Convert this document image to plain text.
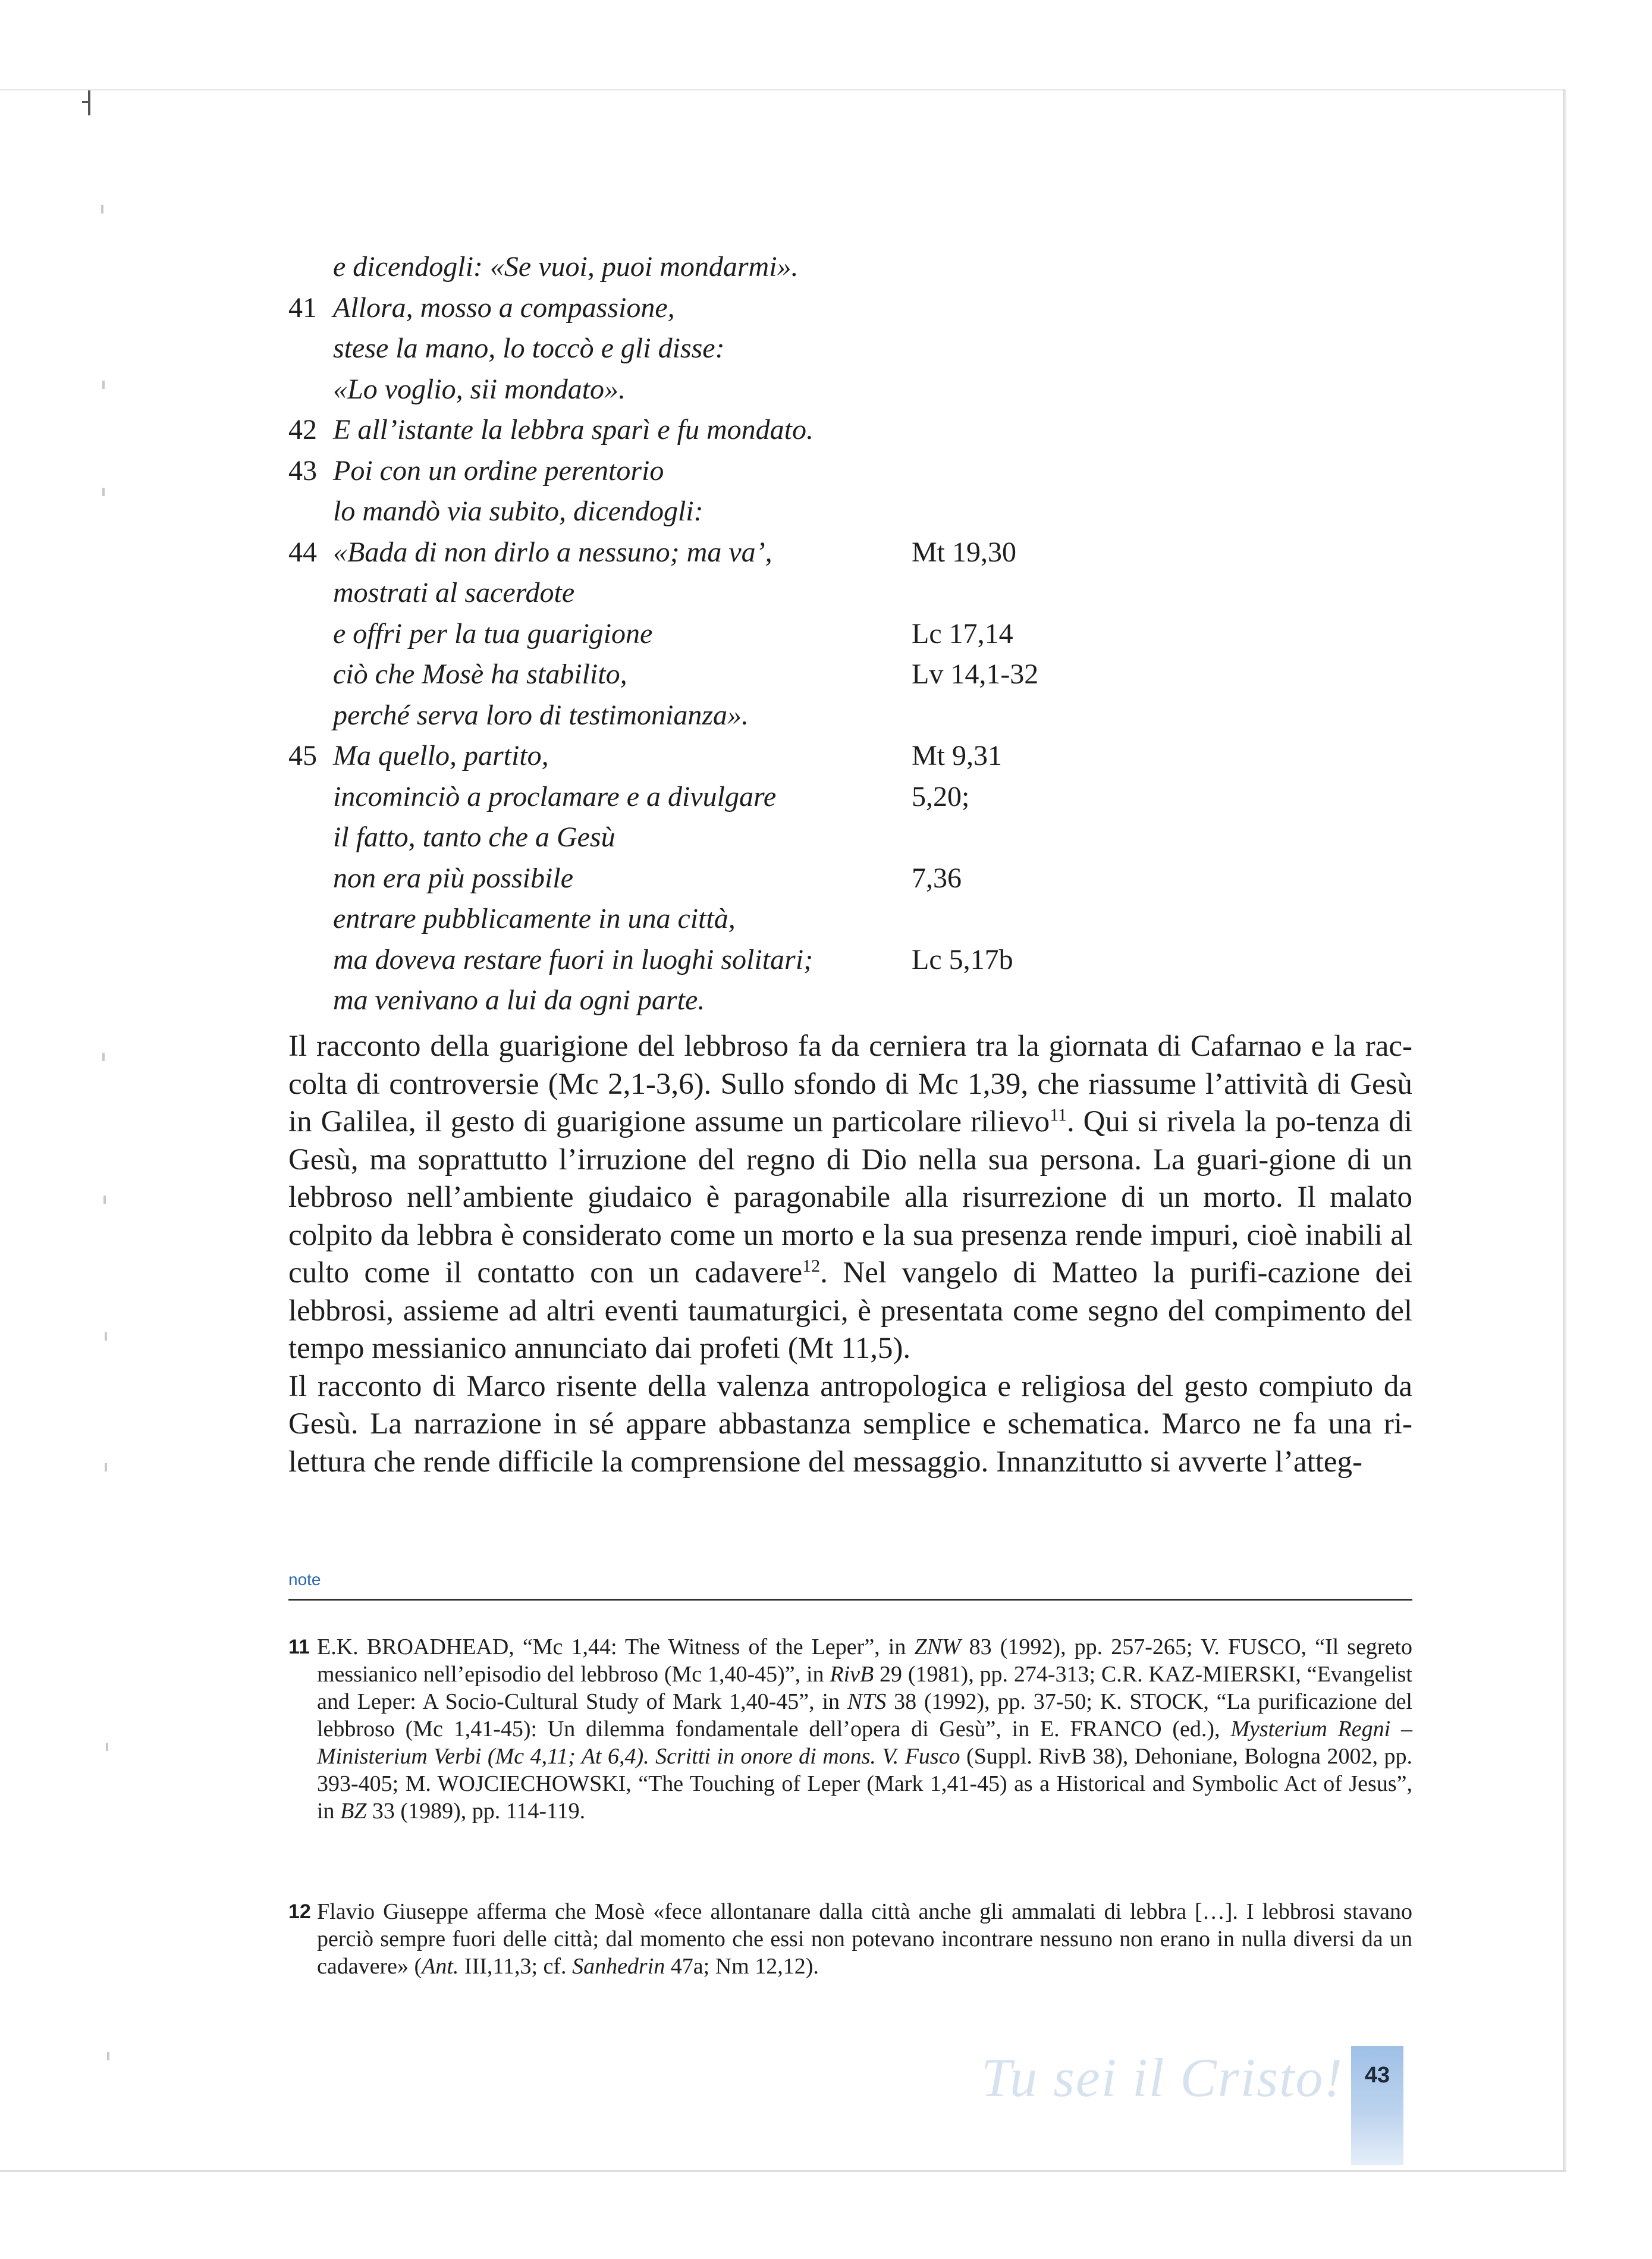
e dicendogli: «Se vuoi, puoi mondarmi».
41 Allora, mosso a compassione,
stese la mano, lo toccò e gli disse:
«Lo voglio, sii mondato».
42 E all’istante la lebbra sparì e fu mondato.
43 Poi con un ordine perentorio
lo mandò via subito, dicendogli:
44 «Bada di non dirlo a nessuno; ma va’,	Mt 19,30
mostrati al sacerdote
e offri per la tua guarigione	Lc 17,14
ciò che Mosè ha stabilito,	Lv 14,1-32
perché serva loro di testimonianza».
45 Ma quello, partito,	Mt 9,31
incominciò a proclamare e a divulgare	5,20;
il fatto, tanto che a Gesù
non era più possibile	7,36
entrare pubblicamente in una città,
ma doveva restare fuori in luoghi solitari;	Lc 5,17b
ma venivano a lui da ogni parte.

Il racconto della guarigione del lebbroso fa da cerniera tra la giornata di Cafarnao e la rac-colta di controversie (Mc 2,1-3,6). Sullo sfondo di Mc 1,39, che riassume l’attività di Gesù in Galilea, il gesto di guarigione assume un particolare rilievo$^{11}$. Qui si rivela la po-tenza di Gesù, ma soprattutto l’irruzione del regno di Dio nella sua persona. La guari-gione di un lebbroso nell’ambiente giudaico è paragonabile alla risurrezione di un morto. Il malato colpito da lebbra è considerato come un morto e la sua presenza rende impuri, cioè inabili al culto come il contatto con un cadavere$^{12}$. Nel vangelo di Matteo la purifi-cazione dei lebbrosi, assieme ad altri eventi taumaturgici, è presentata come segno del compimento del tempo messianico annunciato dai profeti (Mt 11,5).

Il racconto di Marco risente della valenza antropologica e religiosa del gesto compiuto da Gesù. La narrazione in sé appare abbastanza semplice e schematica. Marco ne fa una ri-lettura che rende difficile la comprensione del messaggio. Innanzitutto si avverte l’atteg-

note
11 E.K. BROADHEAD, “Mc 1,44: The Witness of the Leper”, in ZNW 83 (1992), pp. 257-265; V. FUSCO, “Il segreto messianico nell’episodio del lebbroso (Mc 1,40-45)”, in RivB 29 (1981), pp. 274-313; C.R. KAZ-MIERSKI, “Evangelist and Leper: A Socio-Cultural Study of Mark 1,40-45”, in NTS 38 (1992), pp. 37-50; K. STOCK, “La purificazione del lebbroso (Mc 1,41-45): Un dilemma fondamentale dell’opera di Gesù”, in E. FRANCO (ed.), Mysterium Regni – Ministerium Verbi (Mc 4,11; At 6,4). Scritti in onore di mons. V. Fusco (Suppl. RivB 38), Dehoniane, Bologna 2002, pp. 393-405; M. WOJCIECHOWSKI, “The Touching of Leper (Mark 1,41-45) as a Historical and Symbolic Act of Jesus”, in BZ 33 (1989), pp. 114-119.
12 Flavio Giuseppe afferma che Mosè «fece allontanare dalla città anche gli ammalati di lebbra […]. I lebbrosi stavano perciò sempre fuori delle città; dal momento che essi non potevano incontrare nessuno non erano in nulla diversi da un cadavere» (Ant. III,11,3; cf. Sanhedrin 47a; Nm 12,12).
Tu sei il Cristo! 43
